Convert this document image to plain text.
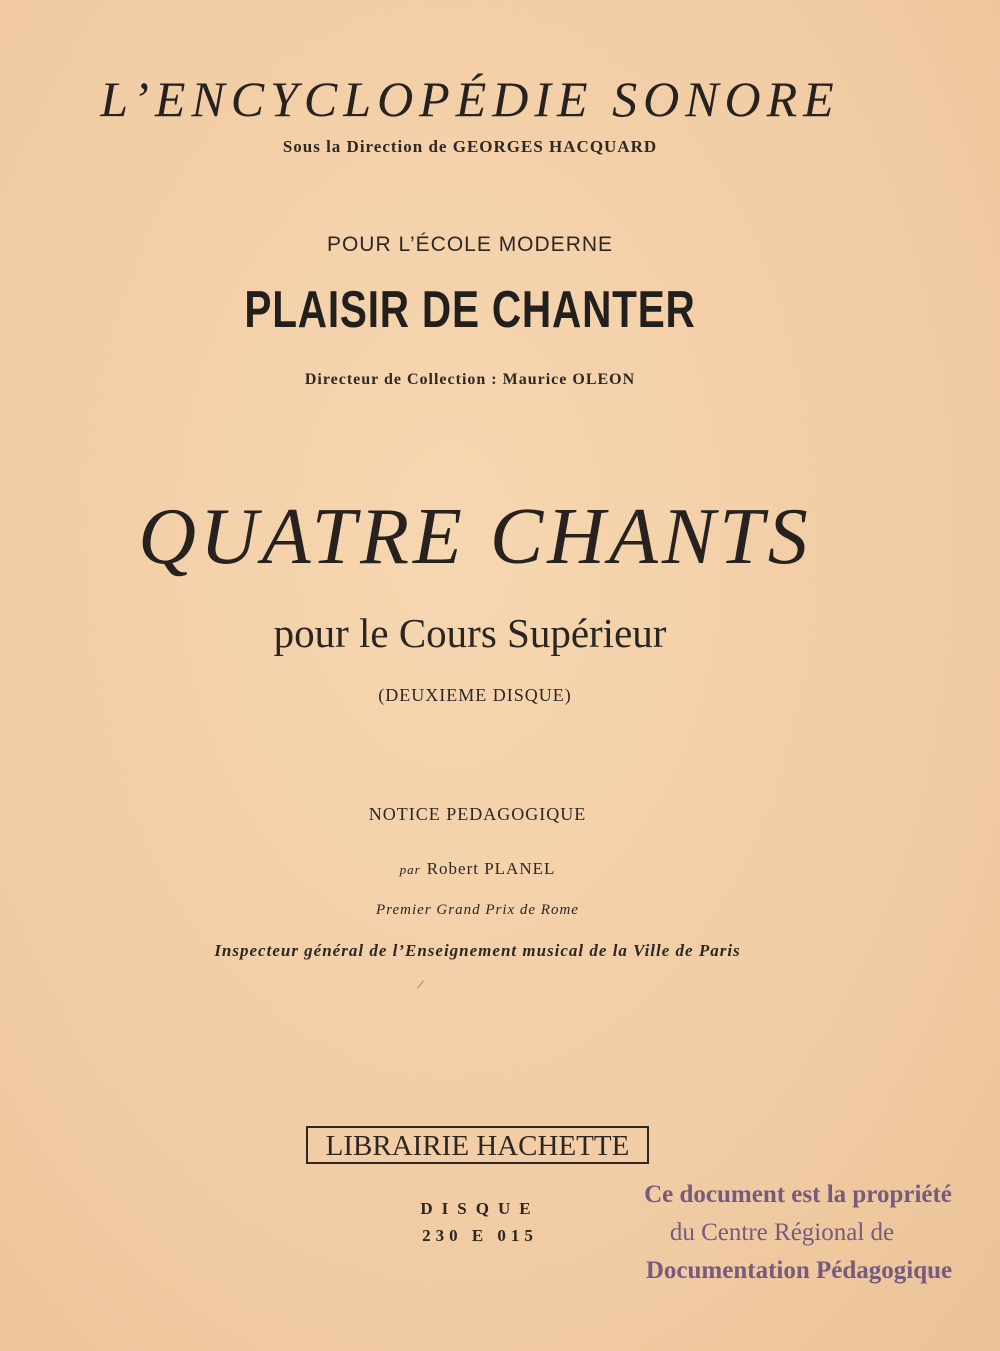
L’ENCYCLOPÉDIE SONORE
Sous la Direction de GEORGES HACQUARD
POUR L’ÉCOLE MODERNE
PLAISIR DE CHANTER
Directeur de Collection : Maurice OLEON
QUATRE CHANTS
pour le Cours Supérieur
(DEUXIEME DISQUE)
NOTICE PEDAGOGIQUE
par Robert PLANEL
Premier Grand Prix de Rome
Inspecteur général de l’Enseignement musical de la Ville de Paris
/
LIBRAIRIE HACHETTE
DISQUE
230 E 015
Ce document est la propriété
du Centre Régional de
Documentation Pédagogique
